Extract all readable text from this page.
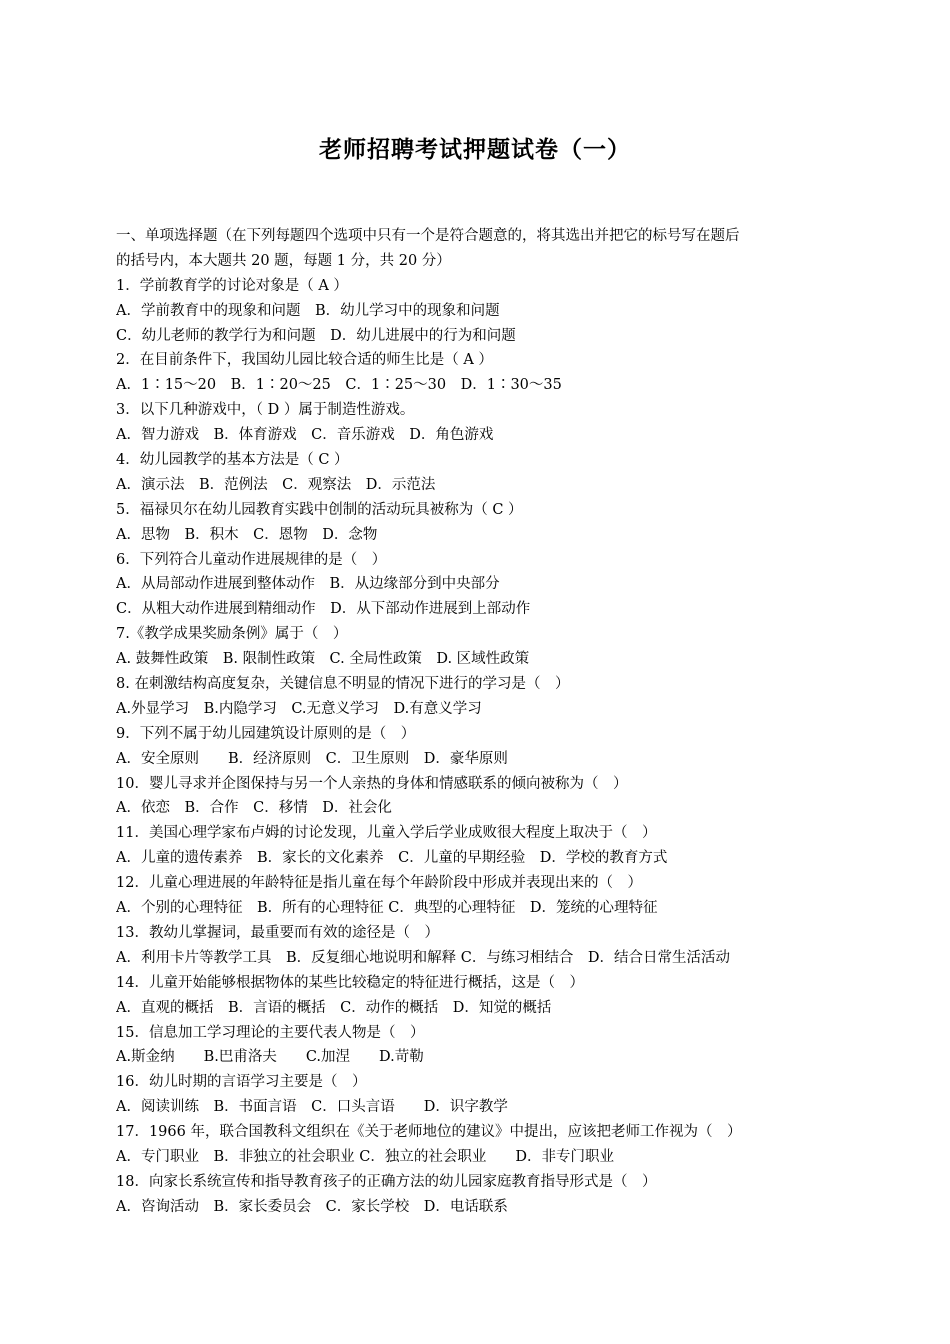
老师招聘考试押题试卷（一）
一、单项选择题（在下列每题四个选项中只有一个是符合题意的，将其选出并把它的标号写在题后
的括号内，本大题共 20 题，每题 1 分，共 20 分）
1．学前教育学的讨论对象是（ A ）
A．学前教育中的现象和问题　B．幼儿学习中的现象和问题
C．幼儿老师的教学行为和问题　D．幼儿进展中的行为和问题
2．在目前条件下，我国幼儿园比较合适的师生比是（ A ）
A．1∶15～20　B．1∶20～25　C．1∶25～30　D．1∶30～35
3．以下几种游戏中，（ D ）属于制造性游戏。
A．智力游戏　B．体育游戏　C．音乐游戏　D．角色游戏
4．幼儿园教学的基本方法是（ C ）
A．演示法　B．范例法　C．观察法　D．示范法
5．福禄贝尔在幼儿园教育实践中创制的活动玩具被称为（ C ）
A．思物　B．积木　C．恩物　D．念物
6．下列符合儿童动作进展规律的是（　）
A．从局部动作进展到整体动作　B．从边缘部分到中央部分
C．从粗大动作进展到精细动作　D．从下部动作进展到上部动作
7.《教学成果奖励条例》属于（　）
A. 鼓舞性政策　B. 限制性政策　C. 全局性政策　D. 区域性政策
8. 在刺激结构高度复杂，关键信息不明显的情况下进行的学习是（　）
A.外显学习　B.内隐学习　C.无意义学习　D.有意义学习
9．下列不属于幼儿园建筑设计原则的是（　）
A．安全原则　　B．经济原则　C．卫生原则　D．豪华原则
10．婴儿寻求并企图保持与另一个人亲热的身体和情感联系的倾向被称为（　）
A．依恋　B．合作　C．移情　D．社会化
11．美国心理学家布卢姆的讨论发现，儿童入学后学业成败很大程度上取决于（　）
A．儿童的遗传素养　B．家长的文化素养　C．儿童的早期经验　D．学校的教育方式
12．儿童心理进展的年龄特征是指儿童在每个年龄阶段中形成并表现出来的（　）
A．个别的心理特征　B．所有的心理特征 C．典型的心理特征　D．笼统的心理特征
13．教幼儿掌握词，最重要而有效的途径是（　）
A．利用卡片等教学工具　B．反复细心地说明和解释 C．与练习相结合　D．结合日常生活活动
14．儿童开始能够根据物体的某些比较稳定的特征进行概括，这是（　）
A．直观的概括　B．言语的概括　C．动作的概括　D．知觉的概括
15．信息加工学习理论的主要代表人物是（　）
A.斯金纳　　B.巴甫洛夫　　C.加涅　　D.苛勒
16．幼儿时期的言语学习主要是（　）
A．阅读训练　B．书面言语　C．口头言语　　D．识字教学
17．1966 年，联合国教科文组织在《关于老师地位的建议》中提出，应该把老师工作视为（　）
A．专门职业　B．非独立的社会职业 C．独立的社会职业　　D．非专门职业
18．向家长系统宣传和指导教育孩子的正确方法的幼儿园家庭教育指导形式是（　）
A．咨询活动　B．家长委员会　C．家长学校　D．电话联系
